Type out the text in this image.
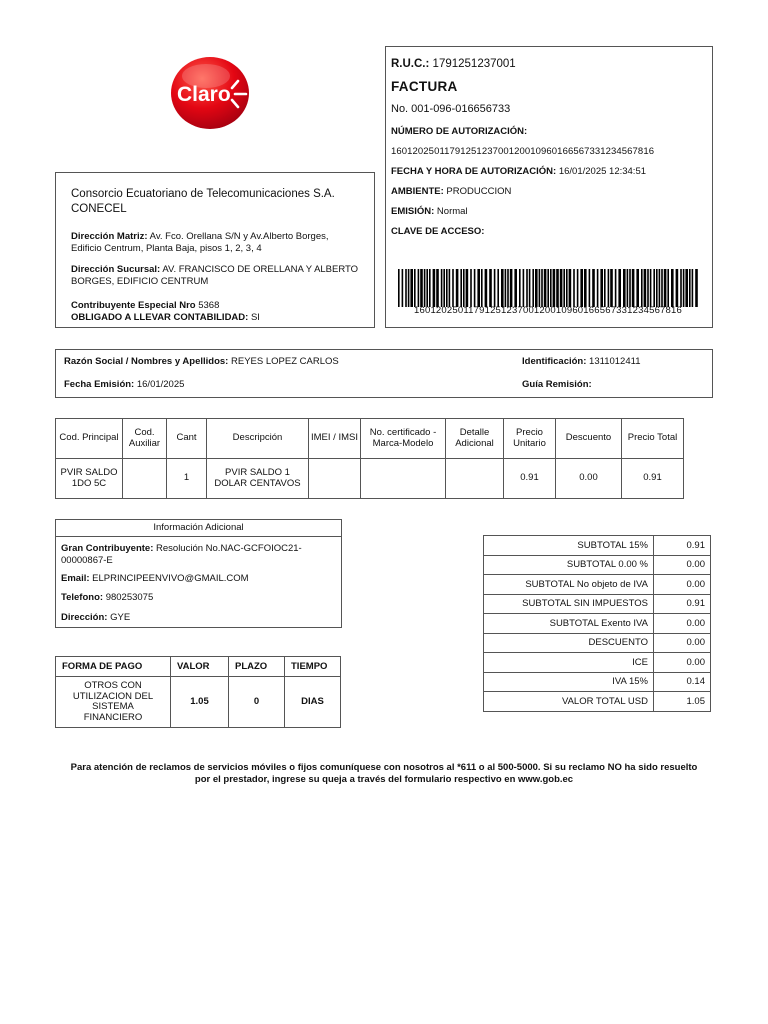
Claro
Consorcio Ecuatoriano de Telecomunicaciones S.A. CONECEL
Dirección Matriz: Av. Fco. Orellana S/N y Av.Alberto Borges, Edificio Centrum, Planta Baja, pisos 1, 2, 3, 4
Dirección Sucursal: AV. FRANCISCO DE ORELLANA Y ALBERTO BORGES, EDIFICIO CENTRUM
Contribuyente Especial Nro 5368
OBLIGADO A LLEVAR CONTABILIDAD: SI
R.U.C.: 1791251237001
FACTURA
No. 001-096-016656733
NÚMERO DE AUTORIZACIÓN:
1601202501179125123700120010960166567331234567816
FECHA Y HORA DE AUTORIZACIÓN: 16/01/2025 12:34:51
AMBIENTE: PRODUCCION
EMISIÓN: Normal
CLAVE DE ACCESO:
1601202501179125123700120010960166567331234567816
Razón Social / Nombres y Apellidos: REYES LOPEZ CARLOS	Identificación: 1311012411
Fecha Emisión: 16/01/2025	Guía Remisión:
Cod. Principal	Cod. Auxiliar	Cant	Descripción	IMEI / IMSI	No. certificado - Marca-Modelo	Detalle Adicional	Precio Unitario	Descuento	Precio Total
PVIR SALDO 1DO 5C		1	PVIR SALDO 1 DOLAR CENTAVOS				0.91	0.00	0.91
Información Adicional
Gran Contribuyente: Resolución No.NAC-GCFOIOC21-00000867-E
Email: ELPRINCIPEENVIVO@GMAIL.COM
Telefono: 980253075
Dirección: GYE
FORMA DE PAGO	VALOR	PLAZO	TIEMPO
OTROS CON UTILIZACION DEL SISTEMA FINANCIERO	1.05	0	DIAS
SUBTOTAL 15%	0.91
SUBTOTAL 0.00 %	0.00
SUBTOTAL No objeto de IVA	0.00
SUBTOTAL SIN IMPUESTOS	0.91
SUBTOTAL Exento IVA	0.00
DESCUENTO	0.00
ICE	0.00
IVA 15%	0.14
VALOR TOTAL USD	1.05
Para atención de reclamos de servicios móviles o fijos comuníquese con nosotros al *611 o al 500-5000. Si su reclamo NO ha sido resuelto
por el prestador, ingrese su queja a través del formulario respectivo en www.gob.ec
